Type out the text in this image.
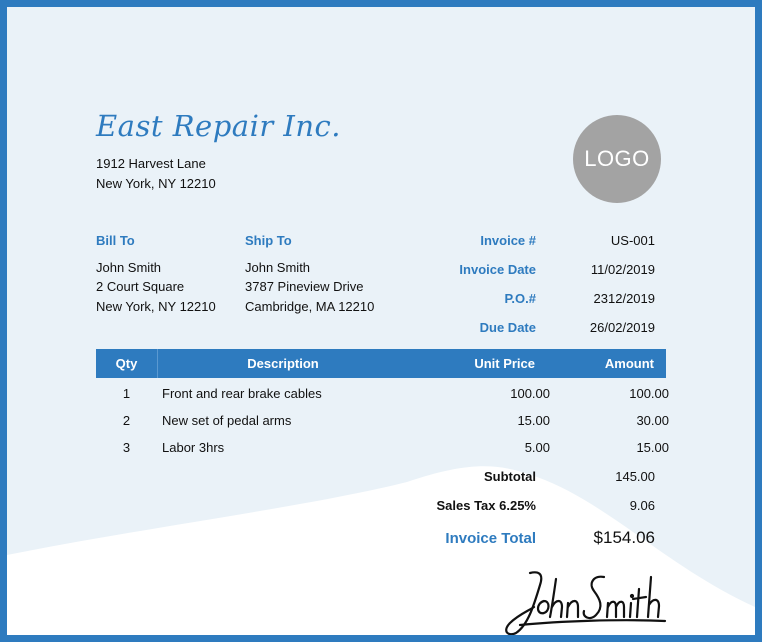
East Repair Inc.
1912 Harvest Lane
New York, NY 12210
LOGO
Bill To
John Smith
2 Court Square
New York, NY 12210
Ship To
John Smith
3787 Pineview Drive
Cambridge, MA 12210
Invoice #	US-001
Invoice Date	11/02/2019
P.O.#	2312/2019
Due Date	26/02/2019
Qty	Description	Unit Price	Amount
1	Front and rear brake cables	100.00	100.00
2	New set of pedal arms	15.00	30.00
3	Labor 3hrs	5.00	15.00
Subtotal	145.00
Sales Tax 6.25%	9.06
Invoice Total	$154.06
